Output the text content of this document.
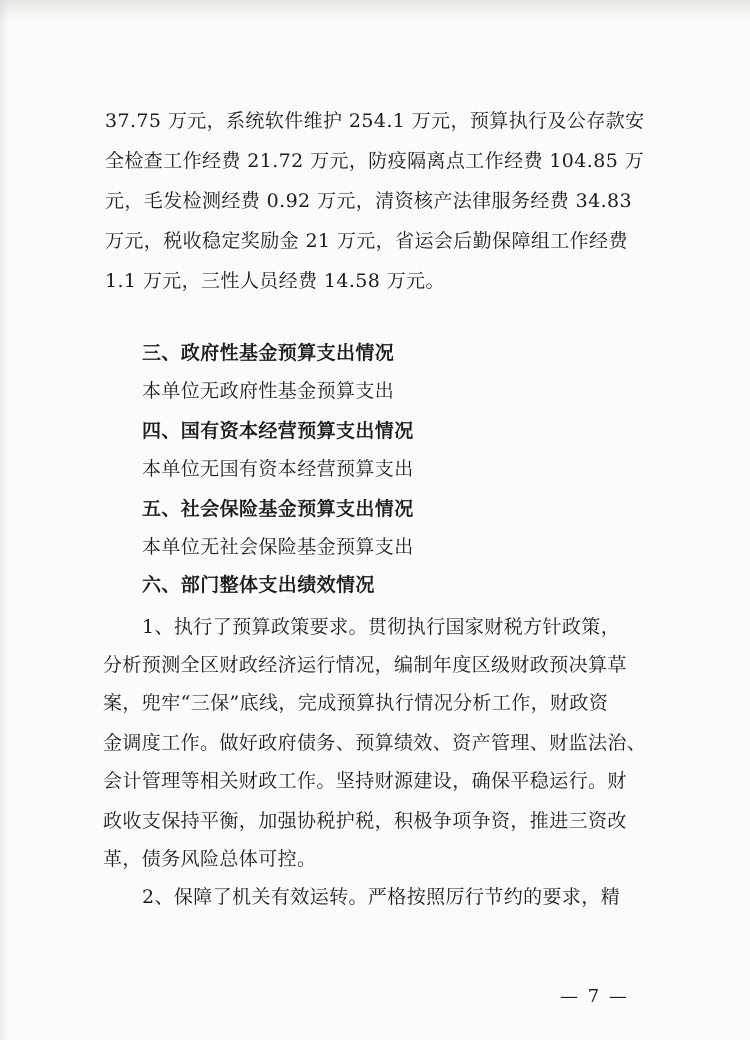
37.75 万元，系统软件维护 254.1 万元，预算执行及公存款安

全检查工作经费 21.72 万元，防疫隔离点工作经费 104.85 万

元，毛发检测经费 0.92 万元，清资核产法律服务经费 34.83

万元，税收稳定奖励金 21 万元，省运会后勤保障组工作经费

1.1 万元，三性人员经费 14.58 万元。

三、政府性基金预算支出情况

本单位无政府性基金预算支出

四、国有资本经营预算支出情况

本单位无国有资本经营预算支出

五、社会保险基金预算支出情况

本单位无社会保险基金预算支出

六、部门整体支出绩效情况

1、执行了预算政策要求。贯彻执行国家财税方针政策，

分析预测全区财政经济运行情况，编制年度区级财政预决算草

案，兜牢“三保”底线，完成预算执行情况分析工作，财政资

金调度工作。做好政府债务、预算绩效、资产管理、财监法治、

会计管理等相关财政工作。坚持财源建设，确保平稳运行。财

政收支保持平衡，加强协税护税，积极争项争资，推进三资改

革，债务风险总体可控。

2、保障了机关有效运转。严格按照厉行节约的要求，精

— 7 —
